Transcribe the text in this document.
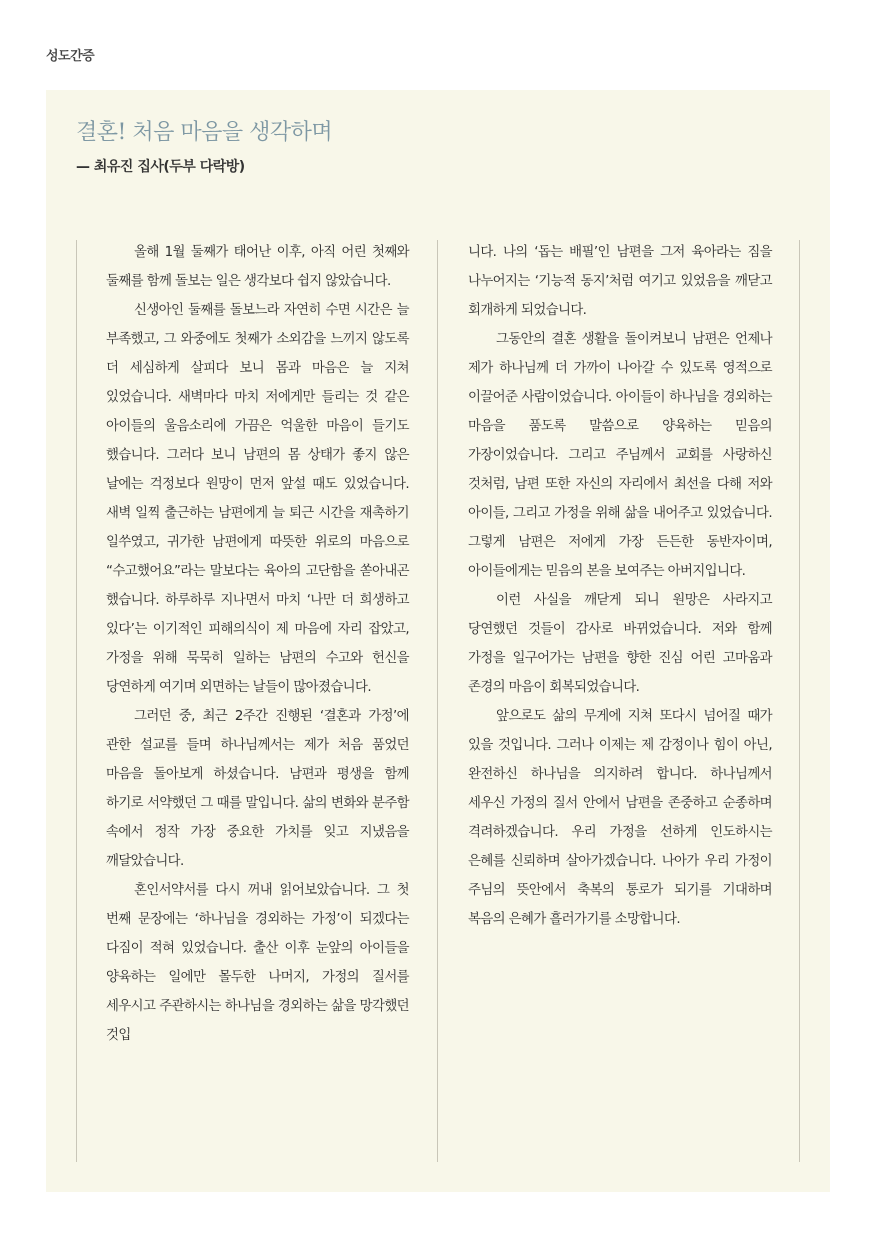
성도간증
결혼! 처음 마음을 생각하며
— 최유진 집사(두부 다락방)

올해 1월 둘째가 태어난 이후, 아직 어린 첫째와 둘째를 함께 돌보는 일은 생각보다 쉽지 않았습니다.

신생아인 둘째를 돌보느라 자연히 수면 시간은 늘 부족했고, 그 와중에도 첫째가 소외감을 느끼지 않도록 더 세심하게 살피다 보니 몸과 마음은 늘 지쳐 있었습니다. 새벽마다 마치 저에게만 들리는 것 같은 아이들의 울음소리에 가끔은 억울한 마음이 들기도 했습니다. 그러다 보니 남편의 몸 상태가 좋지 않은 날에는 걱정보다 원망이 먼저 앞설 때도 있었습니다. 새벽 일찍 출근하는 남편에게 늘 퇴근 시간을 재촉하기 일쑤였고, 귀가한 남편에게 따뜻한 위로의 마음으로 “수고했어요”라는 말보다는 육아의 고단함을 쏟아내곤 했습니다. 하루하루 지나면서 마치 ‘나만 더 희생하고 있다’는 이기적인 피해의식이 제 마음에 자리 잡았고, 가정을 위해 묵묵히 일하는 남편의 수고와 헌신을 당연하게 여기며 외면하는 날들이 많아졌습니다.

그러던 중, 최근 2주간 진행된 ‘결혼과 가정’에 관한 설교를 들며 하나님께서는 제가 처음 품었던 마음을 돌아보게 하셨습니다. 남편과 평생을 함께 하기로 서약했던 그 때를 말입니다. 삶의 변화와 분주함 속에서 정작 가장 중요한 가치를 잊고 지냈음을 깨달았습니다.

혼인서약서를 다시 꺼내 읽어보았습니다. 그 첫 번째 문장에는 ‘하나님을 경외하는 가정’이 되겠다는 다짐이 적혀 있었습니다. 출산 이후 눈앞의 아이들을 양육하는 일에만 몰두한 나머지, 가정의 질서를 세우시고 주관하시는 하나님을 경외하는 삶을 망각했던 것입

니다. 나의 ‘돕는 배필’인 남편을 그저 육아라는 짐을 나누어지는 ‘기능적 동지’처럼 여기고 있었음을 깨닫고 회개하게 되었습니다.

그동안의 결혼 생활을 돌이켜보니 남편은 언제나 제가 하나님께 더 가까이 나아갈 수 있도록 영적으로 이끌어준 사람이었습니다. 아이들이 하나님을 경외하는 마음을 품도록 말씀으로 양육하는 믿음의 가장이었습니다. 그리고 주님께서 교회를 사랑하신 것처럼, 남편 또한 자신의 자리에서 최선을 다해 저와 아이들, 그리고 가정을 위해 삶을 내어주고 있었습니다. 그렇게 남편은 저에게 가장 든든한 동반자이며, 아이들에게는 믿음의 본을 보여주는 아버지입니다.

이런 사실을 깨닫게 되니 원망은 사라지고 당연했던 것들이 감사로 바뀌었습니다. 저와 함께 가정을 일구어가는 남편을 향한 진심 어린 고마움과 존경의 마음이 회복되었습니다.

앞으로도 삶의 무게에 지쳐 또다시 넘어질 때가 있을 것입니다. 그러나 이제는 제 감정이나 힘이 아닌, 완전하신 하나님을 의지하려 합니다. 하나님께서 세우신 가정의 질서 안에서 남편을 존중하고 순종하며 격려하겠습니다. 우리 가정을 선하게 인도하시는 은혜를 신뢰하며 살아가겠습니다. 나아가 우리 가정이 주님의 뜻안에서 축복의 통로가 되기를 기대하며 복음의 은혜가 흘러가기를 소망합니다.
